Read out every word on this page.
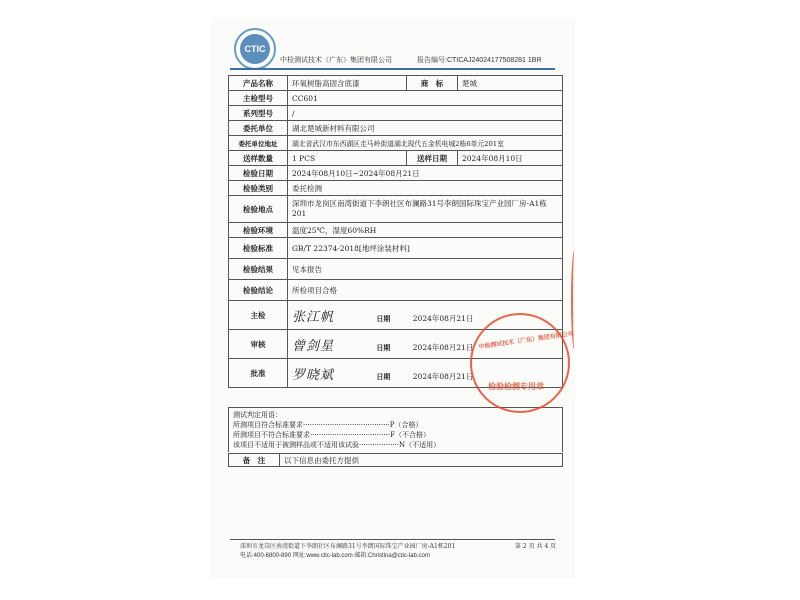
CTIC
中检测试技术（广东）集团有限公司	报告编号:CTICAJ24024177508281 1BR
产品名称	环氧树脂高固含底漆	商　标	楚城
主检型号	CC601		
系列型号	/		
委托单位	湖北楚城新材料有限公司		
委托单位地址	湖北省武汉市东西湖区走马岭街道湖北现代五金机电城2栋6单元201室		
送样数量	1 PCS	送样日期	2024年08月10日
检验日期	2024年08月10日~2024年08月21日		
检验类别	委托检测		
检验地点	深圳市龙岗区南湾街道下李朗社区布澜路31号李朗国际珠宝产业园厂房-A1栋201		
检验环境	温度25℃，湿度60%RH		
检验标准	GB/T 22374-2018[地坪涂装材料]		
检验结果	见本报告		
检验结论	所检项目合格		
主检	张江帆 日期 2024年08月21日		
审核	曾剑星 日期 2024年08月21日		
批准	罗晓斌 日期 2024年08月21日		
测试判定用语：
所测项目符合标准要求·······································P（合格）
所测项目不符合标准要求····································F（不合格）
该项目不适用于被测样品或不适用该试验··················N（不适用）
备　注	以下信息由委托方提供
中检测试技术（广东）集团有限公司
检验检测专用章
深圳市龙岗区南湾街道下李朗社区布澜路31号李朗国际珠宝产业园厂房-A1栋201	第 2 页 共 4 页
电话:400-6800-890 网址:www.ctic-lab.com 邮箱:Christina@ctic-lab.com
